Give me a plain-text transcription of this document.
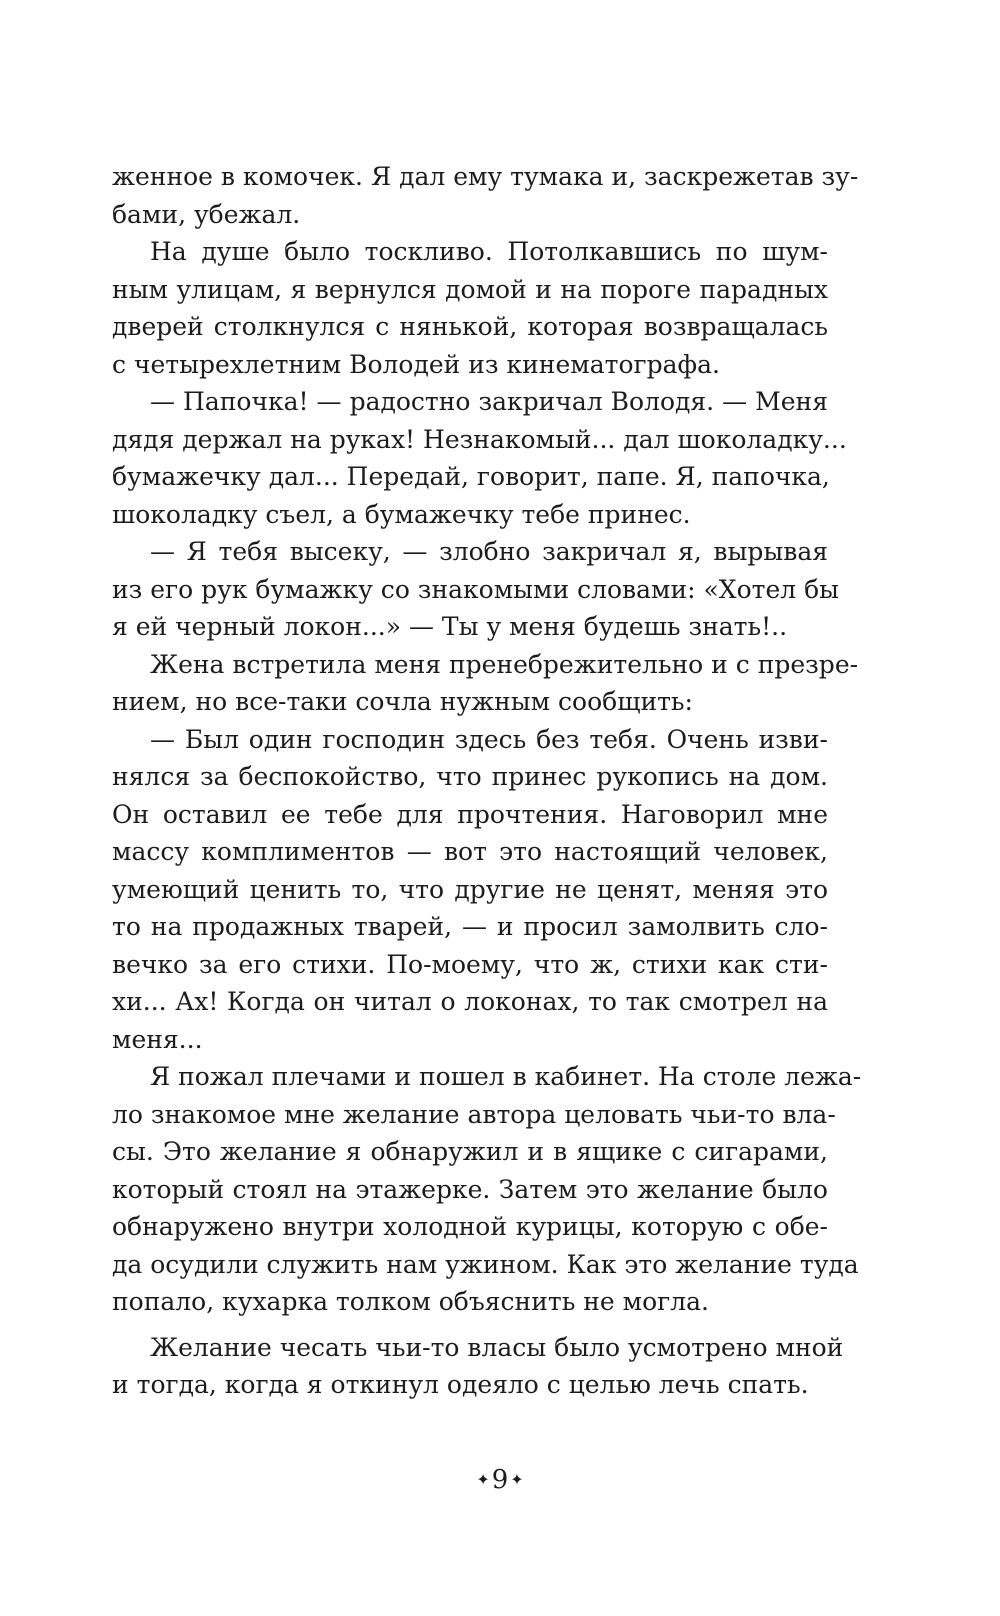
женное в комочек. Я дал ему тумака и, заскрежетав зу-
бами, убежал.
На душе было тоскливо. Потолкавшись по шум-
ным улицам, я вернулся домой и на пороге парадных
дверей столкнулся с нянькой, которая возвращалась
с четырехлетним Володей из кинематографа.
— Папочка! — радостно закричал Володя. — Меня
дядя держал на руках! Незнакомый... дал шоколадку...
бумажечку дал... Передай, говорит, папе. Я, папочка,
шоколадку съел, а бумажечку тебе принес.
— Я тебя высеку, — злобно закричал я, вырывая
из его рук бумажку со знакомыми словами: «Хотел бы
я ей черный локон...» — Ты у меня будешь знать!..
Жена встретила меня пренебрежительно и с презре-
нием, но все-таки сочла нужным сообщить:
— Был один господин здесь без тебя. Очень изви-
нялся за беспокойство, что принес рукопись на дом.
Он оставил ее тебе для прочтения. Наговорил мне
массу комплиментов — вот это настоящий человек,
умеющий ценить то, что другие не ценят, меняя это
то на продажных тварей, — и просил замолвить сло-
вечко за его стихи. По-моему, что ж, стихи как сти-
хи... Ах! Когда он читал о локонах, то так смотрел на
меня...
Я пожал плечами и пошел в кабинет. На столе лежа-
ло знакомое мне желание автора целовать чьи-то вла-
сы. Это желание я обнаружил и в ящике с сигарами,
который стоял на этажерке. Затем это желание было
обнаружено внутри холодной курицы, которую с обе-
да осудили служить нам ужином. Как это желание туда
попало, кухарка толком объяснить не могла.
Желание чесать чьи-то власы было усмотрено мной
и тогда, когда я откинул одеяло с целью лечь спать.
✦9 ✦
